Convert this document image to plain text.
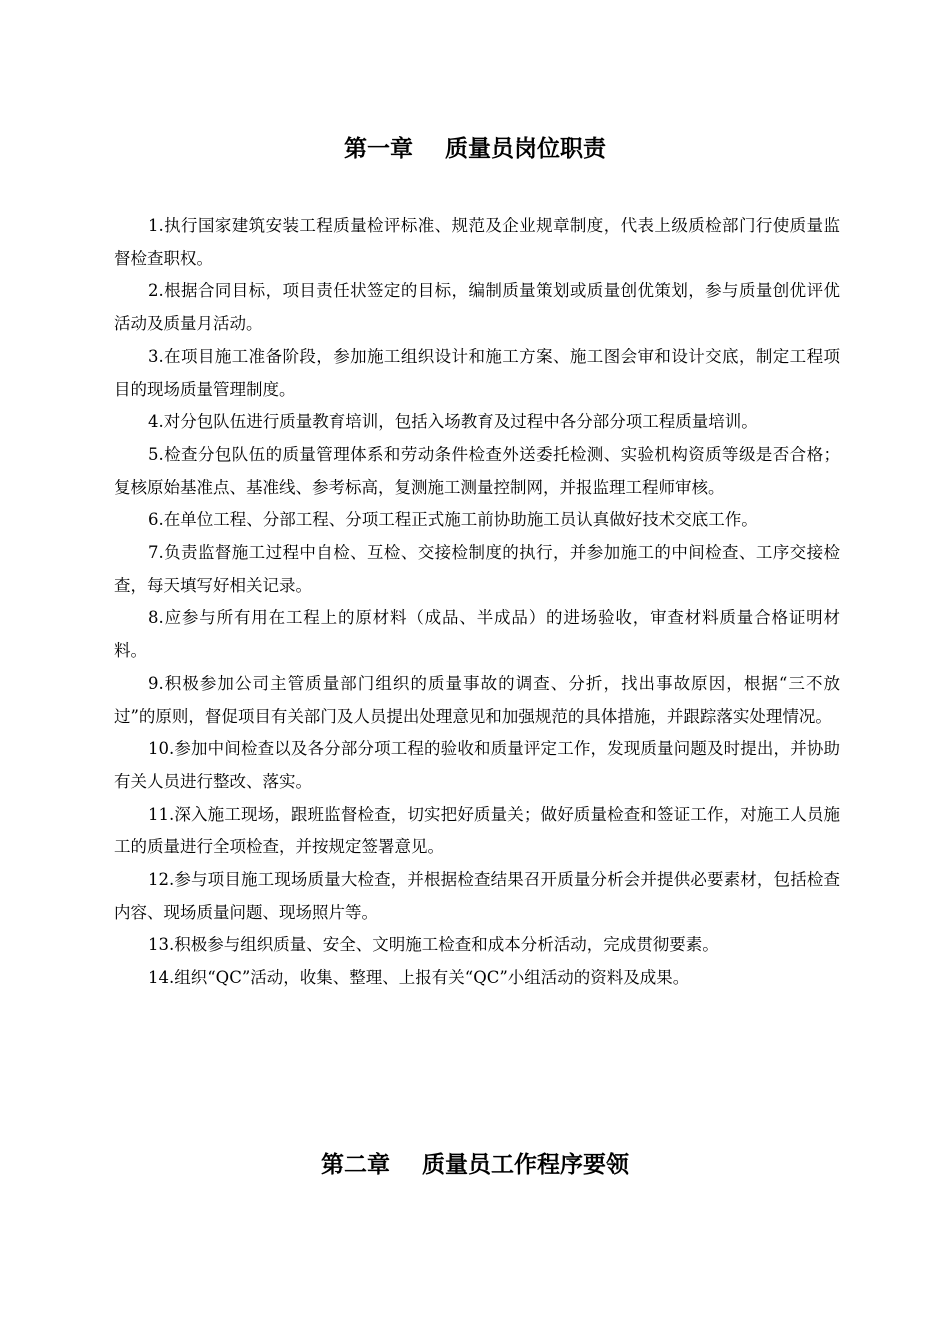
第一章    质量员岗位职责
1.执行国家建筑安装工程质量检评标准、规范及企业规章制度，代表上级质检部门行使质量监督检查职权。
2.根据合同目标，项目责任状签定的目标，编制质量策划或质量创优策划，参与质量创优评优活动及质量月活动。
3.在项目施工准备阶段，参加施工组织设计和施工方案、施工图会审和设计交底，制定工程项目的现场质量管理制度。
4.对分包队伍进行质量教育培训，包括入场教育及过程中各分部分项工程质量培训。
5.检查分包队伍的质量管理体系和劳动条件检查外送委托检测、实验机构资质等级是否合格；复核原始基准点、基准线、参考标高，复测施工测量控制网，并报监理工程师审核。
6.在单位工程、分部工程、分项工程正式施工前协助施工员认真做好技术交底工作。
7.负责监督施工过程中自检、互检、交接检制度的执行，并参加施工的中间检查、工序交接检查，每天填写好相关记录。
8.应参与所有用在工程上的原材料（成品、半成品）的进场验收，审查材料质量合格证明材料。
9.积极参加公司主管质量部门组织的质量事故的调查、分折，找出事故原因，根据“三不放过”的原则，督促项目有关部门及人员提出处理意见和加强规范的具体措施，并跟踪落实处理情况。
10.参加中间检查以及各分部分项工程的验收和质量评定工作，发现质量问题及时提出，并协助有关人员进行整改、落实。
11.深入施工现场，跟班监督检查，切实把好质量关；做好质量检查和签证工作，对施工人员施工的质量进行全项检查，并按规定签署意见。
12.参与项目施工现场质量大检查，并根据检查结果召开质量分析会并提供必要素材，包括检查内容、现场质量问题、现场照片等。
13.积极参与组织质量、安全、文明施工检查和成本分析活动，完成贯彻要素。
14.组织“QC”活动，收集、整理、上报有关“QC”小组活动的资料及成果。
第二章    质量员工作程序要领
